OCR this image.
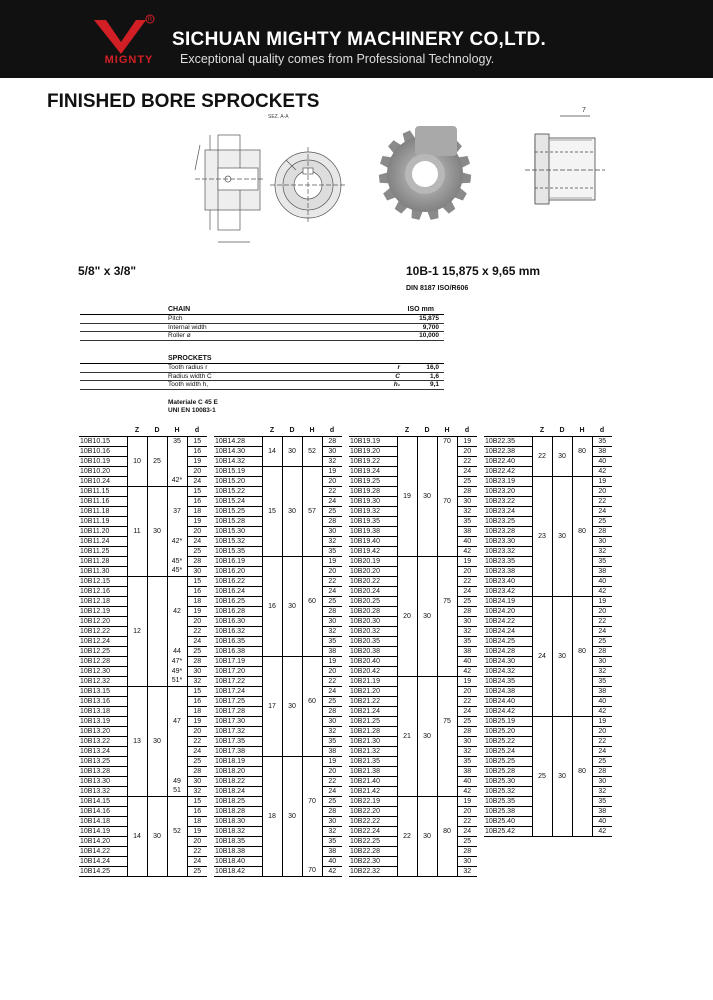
R
MIGNTY
SICHUAN MIGHTY MACHINERY CO,LTD.
Exceptional quality comes from Professional Technology.
FINISHED BORE SPROCKETS
SEZ. A-A
7
5/8" x 3/8"	10B-1 15,875 x 9,65 mm
DIN 8187 ISO/R606
CHAIN	ISO mm
Pitch	15,875
Internal width	9,700
Roller ø	10,000
SPROCKETS
Tooth radius r	r	16,0
Radius width C	C	1,6
Tooth width h,	h₁	9,1
Materiale C 45 E
UNI EN 10083-1
	Z	D	H	d
10B10.15	10	25	35	15
10B10.16				16
10B10.19				19
10B10.20				20
10B10.24			42*	24
10B11.15	11	30		15
10B11.16				16
10B11.18			37	18
10B11.19				19
10B11.20				20
10B11.24			42*	24
10B11.25				25
10B11.28			45*	28
10B11.30			45*	30
10B12.15	12			15
10B12.16				16
10B12.18				18
10B12.19			42	19
10B12.20				20
10B12.22				22
10B12.24				24
10B12.25			44	25
10B12.28			47*	28
10B12.30			49*	30
10B12.32			51*	32
10B13.15	13	30		15
10B13.16				16
10B13.18				18
10B13.19			47	19
10B13.20				20
10B13.22				22
10B13.24				24
10B13.25				25
10B13.28				28
10B13.30			49	30
10B13.32			51	32
10B14.15	14	30		15
10B14.16				16
10B14.18				18
10B14.19			52	19
10B14.20				20
10B14.22				22
10B14.24				24
10B14.25				25
	Z	D	H	d
10B14.28	14	30		28
10B14.30			52	30
10B14.32				32
10B15.19	15	30		19
10B15.20				20
10B15.22				22
10B15.24				24
10B15.25			57	25
10B15.28				28
10B15.30				30
10B15.32				32
10B15.35				35
10B16.19	16	30		19
10B16.20				20
10B16.22				22
10B16.24				24
10B16.25			60	25
10B16.28				28
10B16.30				30
10B16.32				32
10B16.35				35
10B16.38				38
10B17.19	17	30		19
10B17.20				20
10B17.22				22
10B17.24				24
10B17.25			60	25
10B17.28				28
10B17.30				30
10B17.32				32
10B17.35				35
10B17.38				38
10B18.19	18	30		19
10B18.20				20
10B18.22				22
10B18.24				24
10B18.25			70	25
10B18.28				28
10B18.30				30
10B18.32				32
10B18.35				35
10B18.38				38
10B18.40				40
10B18.42			70	42
	Z	D	H	d
10B19.19	19	30	70	19
10B19.20				20
10B19.22				22
10B19.24				24
10B19.25				25
10B19.28				28
10B19.30			70	30
10B19.32				32
10B19.35				35
10B19.38				38
10B19.40				40
10B19.42				42
10B20.19	20	30		19
10B20.20				20
10B20.22				22
10B20.24				24
10B20.25			75	25
10B20.28				28
10B20.30				30
10B20.32				32
10B20.35				35
10B20.38				38
10B20.40				40
10B20.42				42
10B21.19	21	30		19
10B21.20				20
10B21.22				22
10B21.24				24
10B21.25			75	25
10B21.28				28
10B21.30				30
10B21.32				32
10B21.35				35
10B21.38				38
10B21.40				40
10B21.42				42
10B22.19	22	30		19
10B22.20				20
10B22.22				22
10B22.24			80	24
10B22.25				25
10B22.28				28
10B22.30				30
10B22.32				32
	Z	D	H	d
10B22.35	22	30		35
10B22.38			80	38
10B22.40				40
10B22.42				42
10B23.19	23	30		19
10B23.20				20
10B23.22				22
10B23.24				24
10B23.25				25
10B23.28			80	28
10B23.30				30
10B23.32				32
10B23.35				35
10B23.38				38
10B23.40				40
10B23.42				42
10B24.19	24	30		19
10B24.20				20
10B24.22				22
10B24.24				24
10B24.25				25
10B24.28			80	28
10B24.30				30
10B24.32				32
10B24.35				35
10B24.38				38
10B24.40				40
10B24.42				42
10B25.19	25	30		19
10B25.20				20
10B25.22				22
10B25.24				24
10B25.25				25
10B25.28			80	28
10B25.30				30
10B25.32				32
10B25.35				35
10B25.38				38
10B25.40				40
10B25.42				42
